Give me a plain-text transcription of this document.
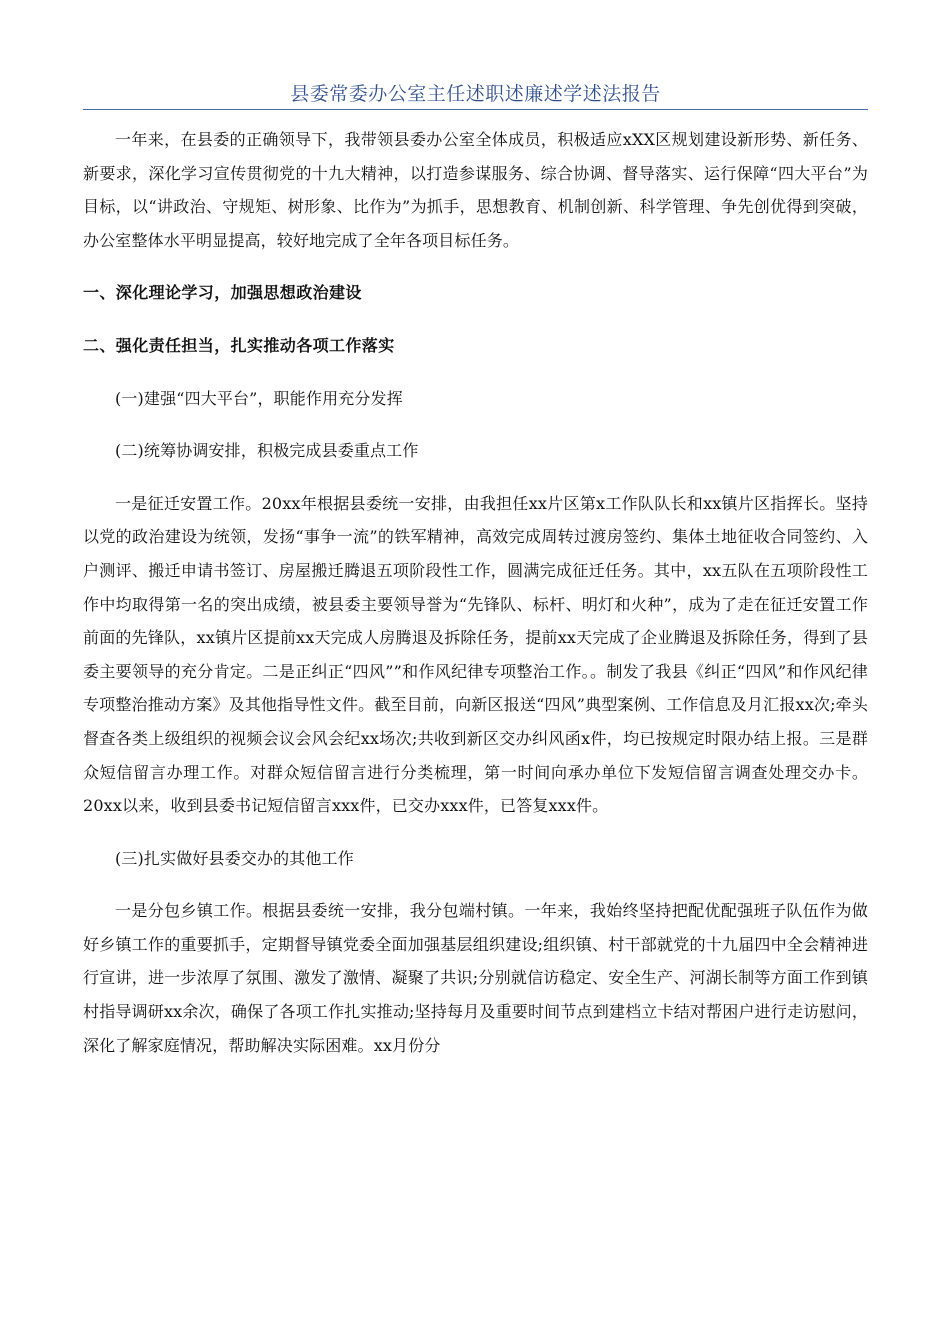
县委常委办公室主任述职述廉述学述法报告

一年来，在县委的正确领导下，我带领县委办公室全体成员，积极适应xXX区规划建设新形势、新任务、新要求，深化学习宣传贯彻党的十九大精神，以打造参谋服务、综合协调、督导落实、运行保障“四大平台”为目标，以“讲政治、守规矩、树形象、比作为”为抓手，思想教育、机制创新、科学管理、争先创优得到突破，办公室整体水平明显提高，较好地完成了全年各项目标任务。

一、深化理论学习，加强思想政治建设

二、强化责任担当，扎实推动各项工作落实

(一)建强“四大平台”，职能作用充分发挥

(二)统筹协调安排，积极完成县委重点工作

一是征迁安置工作。20xx年根据县委统一安排，由我担任xx片区第x工作队队长和xx镇片区指挥长。坚持以党的政治建设为统领，发扬“事争一流”的铁军精神，高效完成周转过渡房签约、集体土地征收合同签约、入户测评、搬迁申请书签订、房屋搬迁腾退五项阶段性工作，圆满完成征迁任务。其中，xx五队在五项阶段性工作中均取得第一名的突出成绩，被县委主要领导誉为“先锋队、标杆、明灯和火种”，成为了走在征迁安置工作前面的先锋队，xx镇片区提前xx天完成人房腾退及拆除任务，提前xx天完成了企业腾退及拆除任务，得到了县委主要领导的充分肯定。二是正纠正“四风””和作风纪律专项整治工作。。制发了我县《纠正“四风”和作风纪律专项整治推动方案》及其他指导性文件。截至目前，向新区报送“四风”典型案例、工作信息及月汇报xx次;牵头督查各类上级组织的视频会议会风会纪xx场次;共收到新区交办纠风函x件，均已按规定时限办结上报。三是群众短信留言办理工作。对群众短信留言进行分类梳理，第一时间向承办单位下发短信留言调查处理交办卡。20xx以来，收到县委书记短信留言xxx件，已交办xxx件，已答复xxx件。

(三)扎实做好县委交办的其他工作

一是分包乡镇工作。根据县委统一安排，我分包端村镇。一年来，我始终坚持把配优配强班子队伍作为做好乡镇工作的重要抓手，定期督导镇党委全面加强基层组织建设;组织镇、村干部就党的十九届四中全会精神进行宣讲，进一步浓厚了氛围、激发了激情、凝聚了共识;分别就信访稳定、安全生产、河湖长制等方面工作到镇村指导调研xx余次，确保了各项工作扎实推动;坚持每月及重要时间节点到建档立卡结对帮困户进行走访慰问，深化了解家庭情况，帮助解决实际困难。xx月份分
